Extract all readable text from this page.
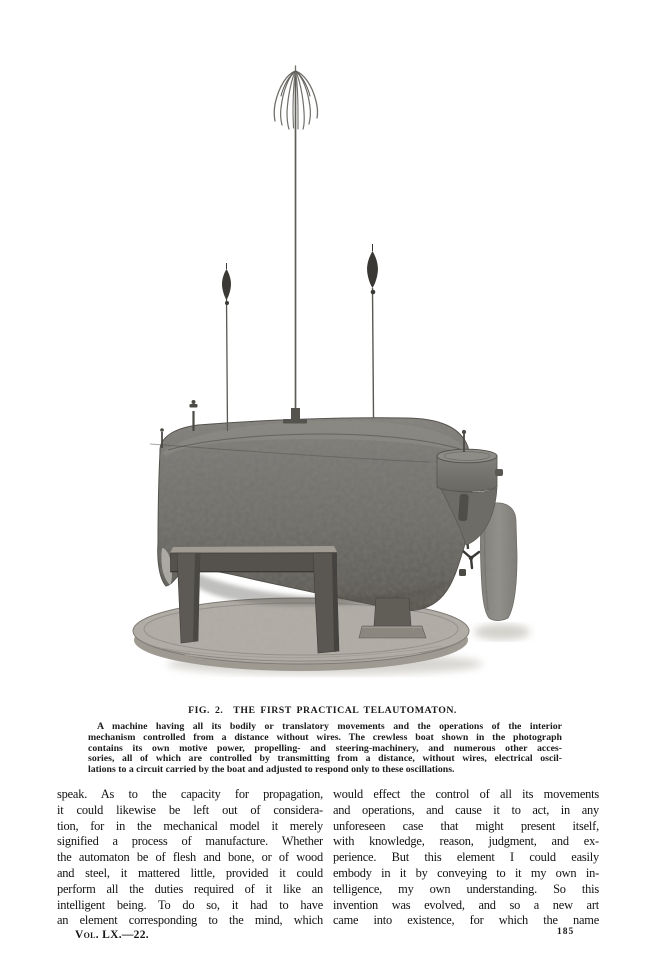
FIG. 2. THE FIRST PRACTICAL TELAUTOMATON.
A machine having all its bodily or translatory movements and the operations of the interior
mechanism controlled from a distance without wires. The crewless boat shown in the photograph
contains its own motive power, propelling- and steering-machinery, and numerous other acces-
sories, all of which are controlled by transmitting from a distance, without wires, electrical oscil-
lations to a circuit carried by the boat and adjusted to respond only to these oscillations.
speak. As to the capacity for propagation,
it could likewise be left out of considera-
tion, for in the mechanical model it merely
signified a process of manufacture. Whether
the automaton be of flesh and bone, or of wood
and steel, it mattered little, provided it could
perform all the duties required of it like an
intelligent being. To do so, it had to have
an element corresponding to the mind, which
would effect the control of all its movements
and operations, and cause it to act, in any
unforeseen case that might present itself,
with knowledge, reason, judgment, and ex-
perience. But this element I could easily
embody in it by conveying to it my own in-
telligence, my own understanding. So this
invention was evolved, and so a new art
came into existence, for which the name
Vol. LX.—22.	185
